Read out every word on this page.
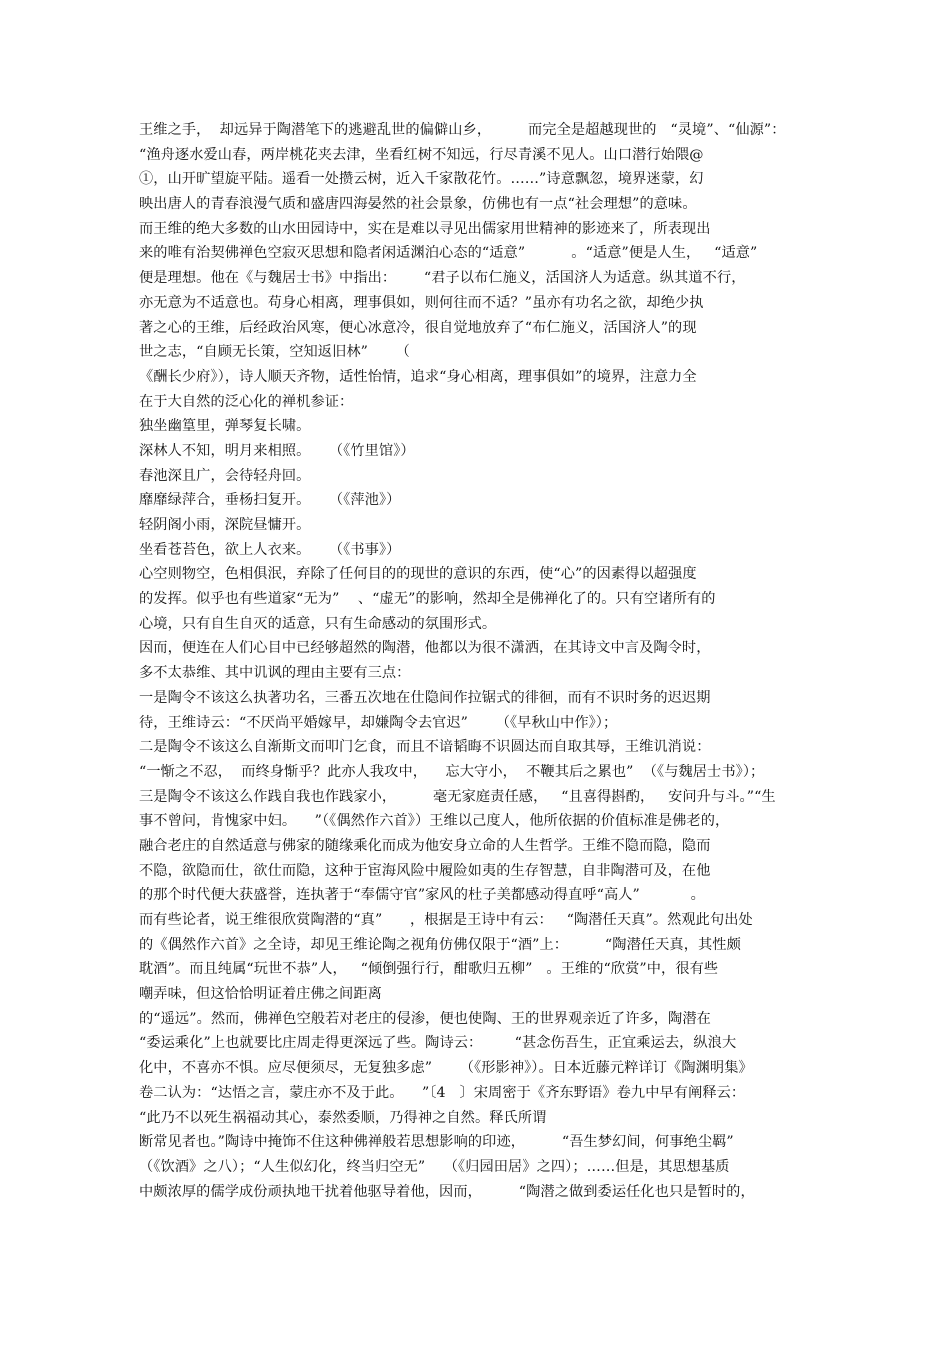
王维之手，  却远异于陶潜笔下的逃避乱世的偏僻山乡，        而完全是超越现世的   “灵境”、“仙源”：
“渔舟逐水爱山春，两岸桃花夹去津，坐看红树不知远，行尽青溪不见人。山口潜行始隈@
①，山开旷望旋平陆。遥看一处攒云树，近入千家散花竹。……”诗意飘忽，境界迷蒙，幻
映出唐人的青春浪漫气质和盛唐四海晏然的社会景象，仿佛也有一点“社会理想”的意味。
而王维的绝大多数的山水田园诗中，实在是难以寻见出儒家用世精神的影迹来了，所表现出
来的唯有治契佛禅色空寂灭思想和隐者闲适渊泊心态的“适意”          。“适意”便是人生，   “适意”
便是理想。他在《与魏居士书》中指出：      “君子以布仁施义，活国济人为适意。纵其道不行，
亦无意为不适意也。苟身心相离，理事俱如，则何往而不适？”虽亦有功名之欲，却绝少执
著之心的王维，后经政治风寒，便心冰意冷，很自觉地放弃了“布仁施义，活国济人”的现
世之志，“自顾无长策，空知返旧林”      （
《酬长少府》），诗人顺天齐物，适性怡情，追求“身心相离，理事俱如”的境界，注意力全
在于大自然的泛心化的禅机参证：
独坐幽篁里，弹琴复长啸。
深林人不知，明月来相照。    （《竹里馆》）
春池深且广，会待轻舟回。
靡靡绿萍合，垂杨扫复开。    （《萍池》）
轻阴阁小雨，深院昼慵开。
坐看苍苔色，欲上人衣来。    （《书事》）
心空则物空，色相俱泯，弃除了任何目的的现世的意识的东西，使“心”的因素得以超强度
的发挥。似乎也有些道家“无为”    、“虚无”的影响，然却全是佛禅化了的。只有空诸所有的
心境，只有自生自灭的适意，只有生命感动的氛围形式。
因而，便连在人们心目中已经够超然的陶潜，他都以为很不潇洒，在其诗文中言及陶令时，
多不太恭维、其中讥讽的理由主要有三点：
一是陶令不该这么执著功名，三番五次地在仕隐间作拉锯式的徘徊，而有不识时务的迟迟期
待，王维诗云：“不厌尚平婚嫁早，却嫌陶令去官迟”      （《早秋山中作》）；
二是陶令不该这么自渐斯文而叩门乞食，而且不谙韬晦不识圆达而自取其辱，王维讥消说：
“一惭之不忍，  而终身惭乎？此亦人我攻中，    忘大守小，  不鞭其后之累也”  （《与魏居士书》）；
三是陶令不该这么作践自我也作践家小，        毫无家庭责任感，   “且喜得斟酌，   安问升与斗。”“生
事不曾问，肯愧家中妇。    ”（《偶然作六首》）王维以己度人，他所依据的价值标准是佛老的，
融合老庄的自然适意与佛家的随缘乘化而成为他安身立命的人生哲学。王维不隐而隐，隐而
不隐，欲隐而仕，欲仕而隐，这种于宦海风险中履险如夷的生存智慧，自非陶潜可及，在他
的那个时代便大获盛誉，连执著于“奉儒守官”家风的杜子美都感动得直呼“高人”           。
而有些论者，说王维很欣赏陶潜的“真”      ，根据是王诗中有云：   “陶潜任天真”。然观此句出处
的《偶然作六首》之全诗，却见王维论陶之视角仿佛仅限于“酒”上：        “陶潜任天真，其性颇
耽酒”。而且纯属“玩世不恭”人，   “倾倒强行行，酣歌归五柳”   。王维的“欣赏”中，很有些
嘲弄味，但这恰恰明证着庄佛之间距离
的“遥远”。然而，佛禅色空般若对老庄的侵渗，便也使陶、王的世界观亲近了许多，陶潜在
“委运乘化”上也就要比庄周走得更深远了些。陶诗云：       “甚念伤吾生，正宜乘运去，纵浪大
化中，不喜亦不惧。应尽便须尽，无复独多虑”      （《形影神》）。日本近藤元粹详订《陶渊明集》
卷二认为：“达悟之言，蒙庄亦不及于此。    ”〔4   〕宋周密于《齐东野语》卷九中早有阐释云：
“此乃不以死生祸福动其心，泰然委顺，乃得神之自然。释氏所谓
断常见者也。”陶诗中掩饰不住这种佛禅般若思想影响的印迹，        “吾生梦幻间，何事绝尘羁”
（《饮酒》之八）；“人生似幻化，终当归空无”    （《归园田居》之四）；……但是，其思想基质
中颇浓厚的儒学成份顽执地干扰着他驱导着他，因而，        “陶潜之做到委运任化也只是暂时的，
